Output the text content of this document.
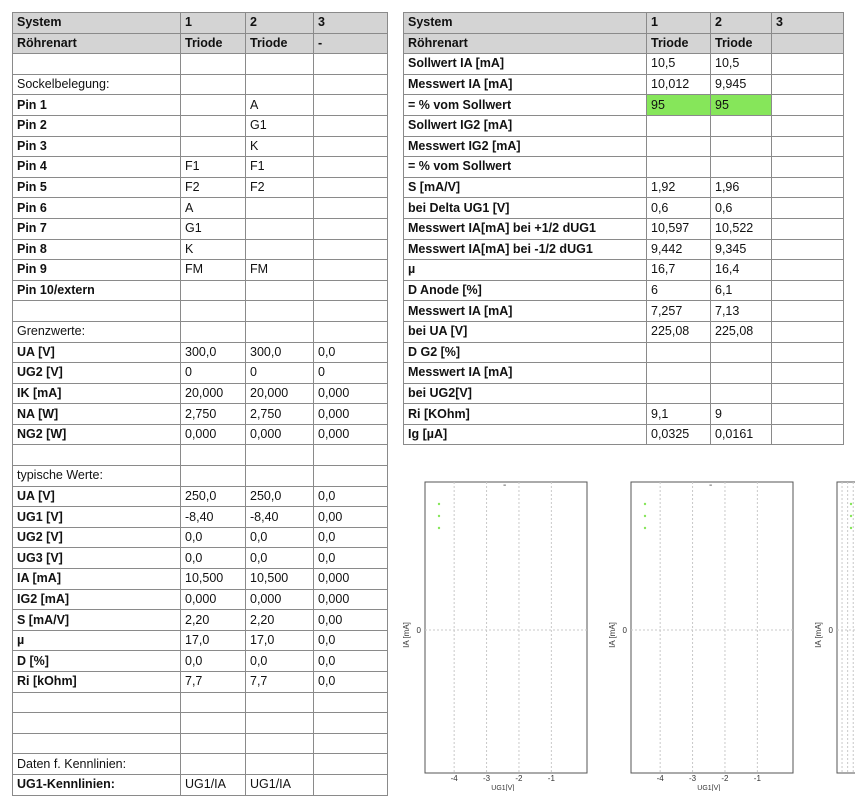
System	1	2	3
Röhrenart	Triode	Triode	-

Sockelbelegung:			
Pin 1		A	
Pin 2		G1	
Pin 3		K	
Pin 4	F1	F1	
Pin 5	F2	F2	
Pin 6	A		
Pin 7	G1		
Pin 8	K		
Pin 9	FM	FM	
Pin 10/extern			

Grenzwerte:			
UA [V]	300,0	300,0	0,0
UG2 [V]	0	0	0
IK [mA]	20,000	20,000	0,000
NA [W]	2,750	2,750	0,000
NG2 [W]	0,000	0,000	0,000

typische Werte:			
UA [V]	250,0	250,0	0,0
UG1 [V]	-8,40	-8,40	0,00
UG2 [V]	0,0	0,0	0,0
UG3 [V]	0,0	0,0	0,0
IA [mA]	10,500	10,500	0,000
IG2 [mA]	0,000	0,000	0,000
S [mA/V]	2,20	2,20	0,00
µ	17,0	17,0	0,0
D [%]	0,0	0,0	0,0
Ri [kOhm]	7,7	7,7	0,0

Daten f. Kennlinien:			
UG1-Kennlinien:	UG1/IA	UG1/IA	
System	1	2	3
Röhrenart	Triode	Triode	
Sollwert IA [mA]	10,5	10,5	
Messwert IA [mA]	10,012	9,945	
= % vom Sollwert	95	95	
Sollwert IG2 [mA]			
Messwert IG2 [mA]			
= % vom Sollwert			
S [mA/V]	1,92	1,96	
bei Delta UG1 [V]	0,6	0,6	
Messwert IA[mA] bei +1/2 dUG1	10,597	10,522	
Messwert IA[mA] bei -1/2 dUG1	9,442	9,345	
µ	16,7	16,4	
D Anode [%]	6	6,1	
Messwert IA [mA]	7,257	7,13	
bei UA [V]	225,08	225,08	
D G2 [%]			
Messwert IA [mA]			
bei UG2[V]			
Ri [KOhm]	9,1	9	
Ig [µA]	0,0325	0,0161	
-
IA [mA] 0
-4	-3	-2	-1
UG1[V]
-
IA [mA] 0
-4	-3	-2	-1
UG1[V]
IA [mA] 0
